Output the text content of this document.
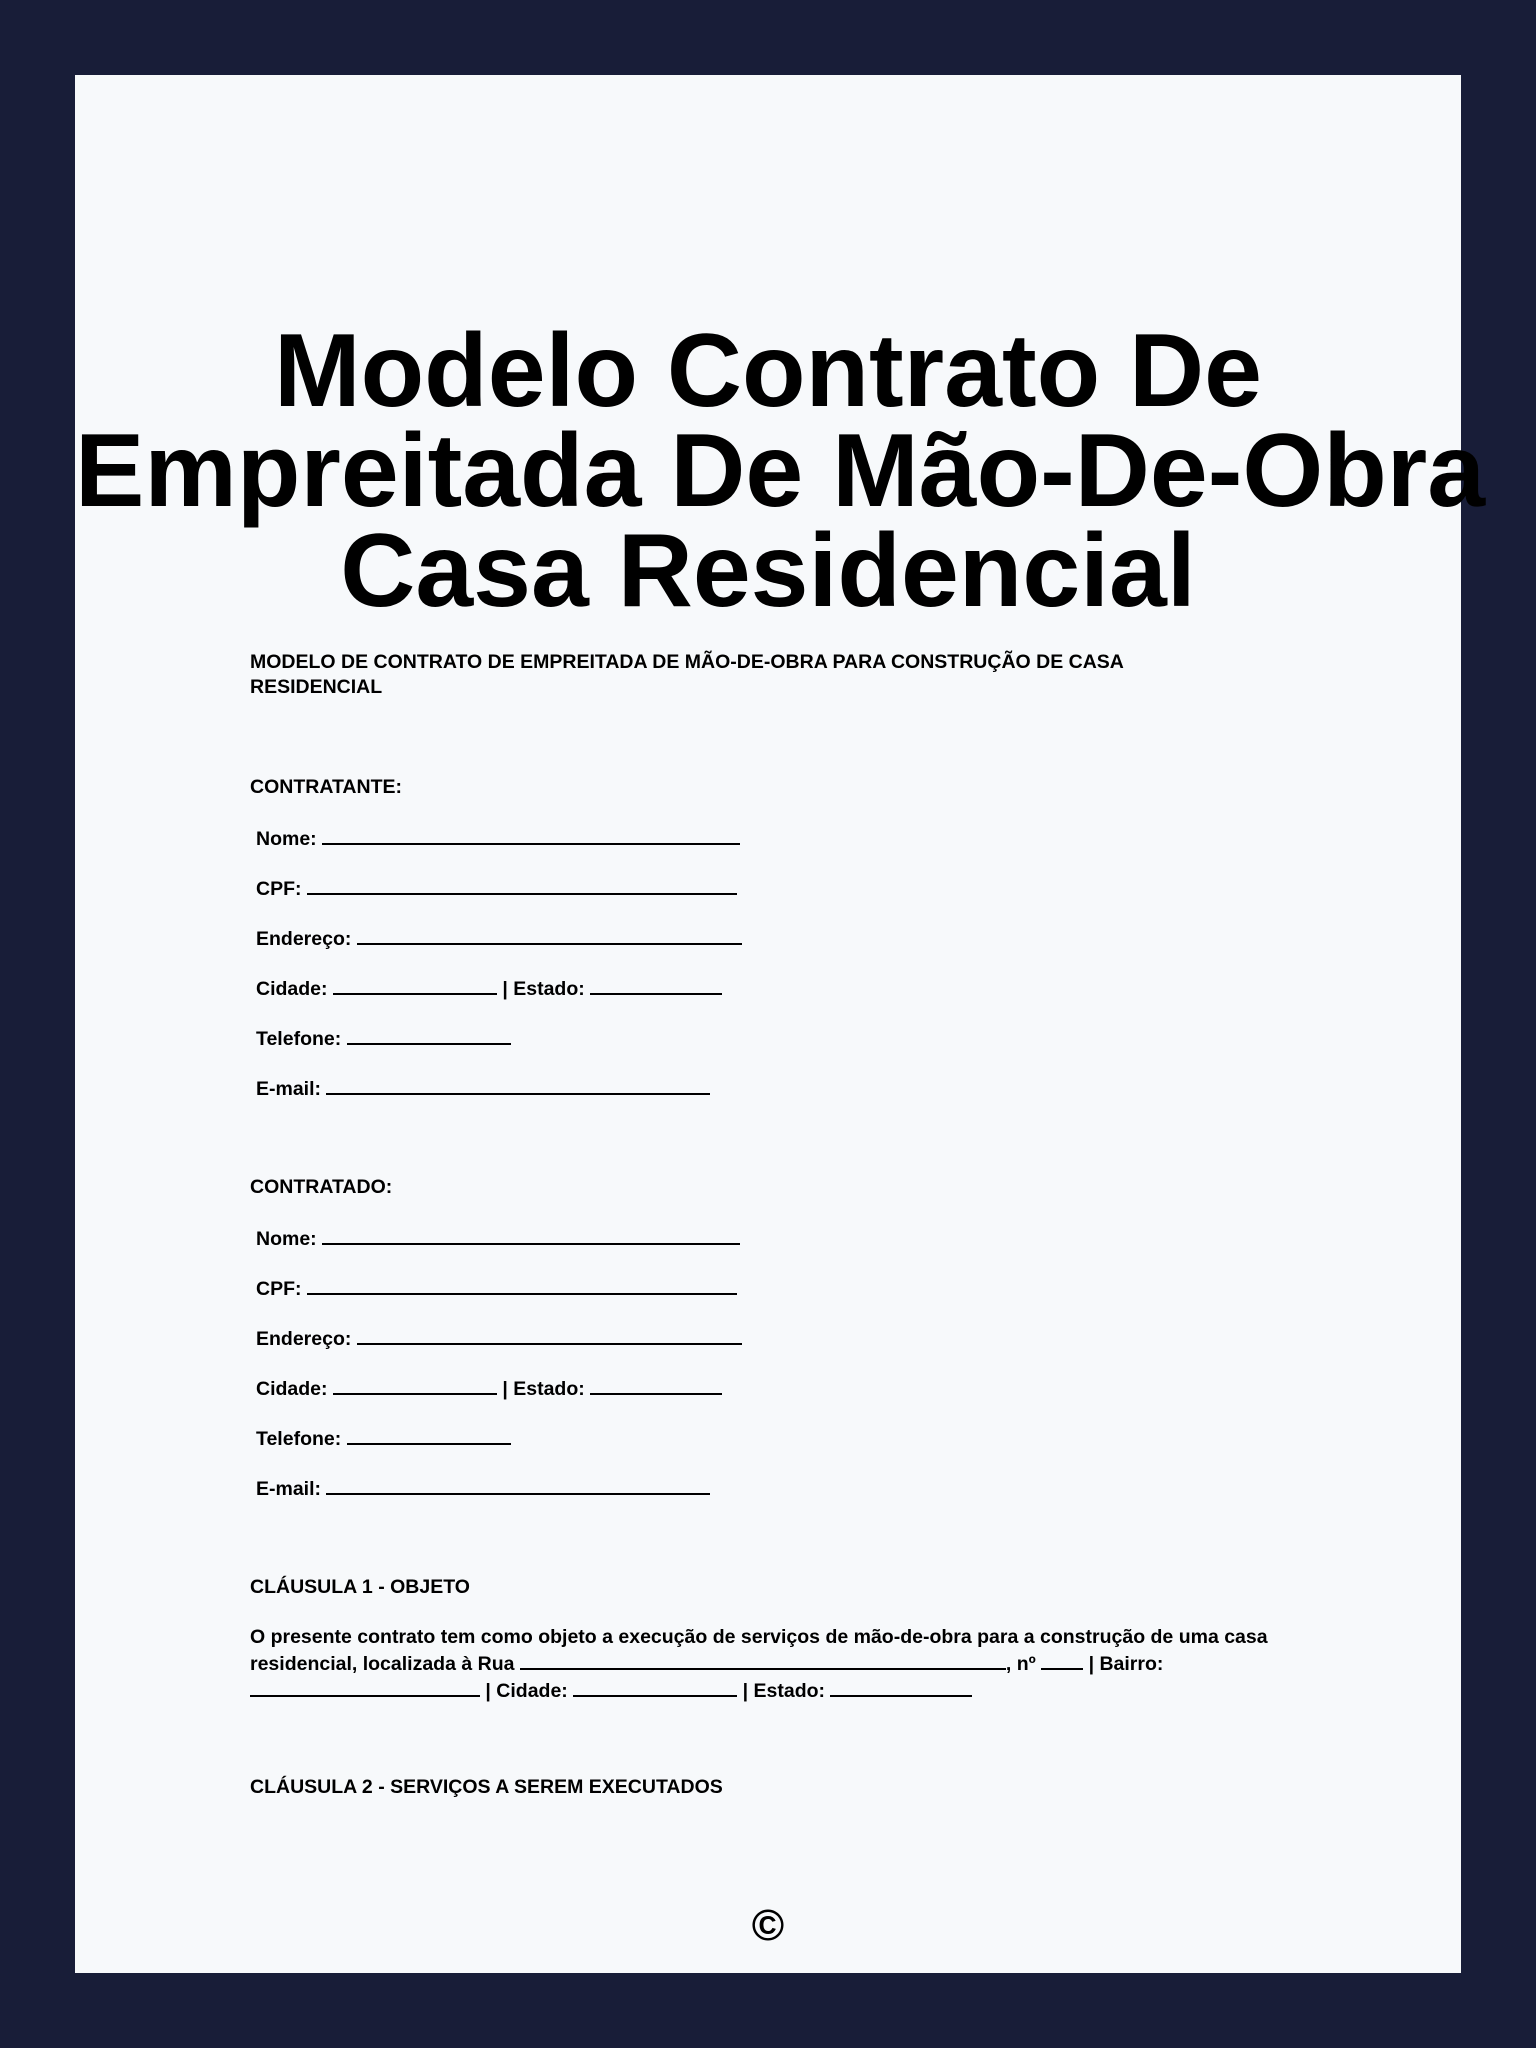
Modelo Contrato De
Empreitada De Mão-De-Obra
Casa Residencial

MODELO DE CONTRATO DE EMPREITADA DE MÃO-DE-OBRA PARA CONSTRUÇÃO DE CASA RESIDENCIAL

CONTRATANTE:

Nome:
CPF:
Endereço:
Cidade:	| Estado:
Telefone:
E-mail:

CONTRATADO:

Nome:
CPF:
Endereço:
Cidade:	| Estado:
Telefone:
E-mail:

CLÁUSULA 1 - OBJETO

O presente contrato tem como objeto a execução de serviços de mão-de-obra para a construção de uma casa residencial, localizada à Rua	, nº	| Bairro:  | Cidade:	| Estado:

CLÁUSULA 2 - SERVIÇOS A SEREM EXECUTADOS

©
